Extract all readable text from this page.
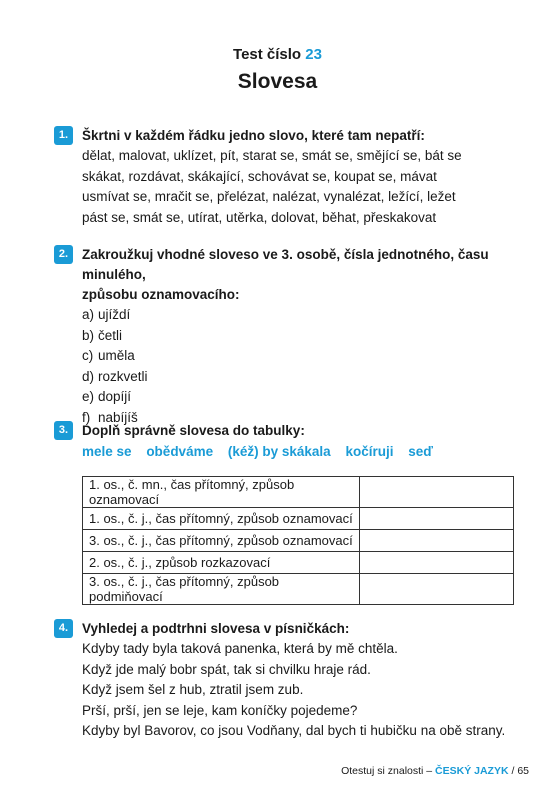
Test číslo 23
Slovesa
1.	Škrtni v každém řádku jedno slovo, které tam nepatří:
dělat, malovat, uklízet, pít, starat se, smát se, smějící se, bát se
skákat, rozdávat, skákající, schovávat se, koupat se, mávat
usmívat se, mračit se, přelézat, nalézat, vynalézat, ležící, ležet
pást se, smát se, utírat, utěrka, dolovat, běhat, přeskakovat
2.	Zakroužkuj vhodné sloveso ve 3. osobě, čísla jednotného, času minulého,
způsobu oznamovacího:
a) ujíždí
b) četli
c) uměla
d) rozkvetli
e) dopíjí
f) nabíjíš
3.	Doplň správně slovesa do tabulky:
mele se obědváme (kéž) by skákala kočíruji seď
1. os., č. mn., čas přítomný, způsob oznamovací	
1. os., č. j., čas přítomný, způsob oznamovací	
3. os., č. j., čas přítomný, způsob oznamovací	
2. os., č. j., způsob rozkazovací	
3. os., č. j., čas přítomný, způsob podmiňovací	
4.	Vyhledej a podtrhni slovesa v písničkách:
Kdyby tady byla taková panenka, která by mě chtěla.
Když jde malý bobr spát, tak si chvilku hraje rád.
Když jsem šel z hub, ztratil jsem zub.
Prší, prší, jen se leje, kam koníčky pojedeme?
Kdyby byl Bavorov, co jsou Vodňany, dal bych ti hubičku na obě strany.
Otestuj si znalosti – ČESKÝ JAZYK / 65
